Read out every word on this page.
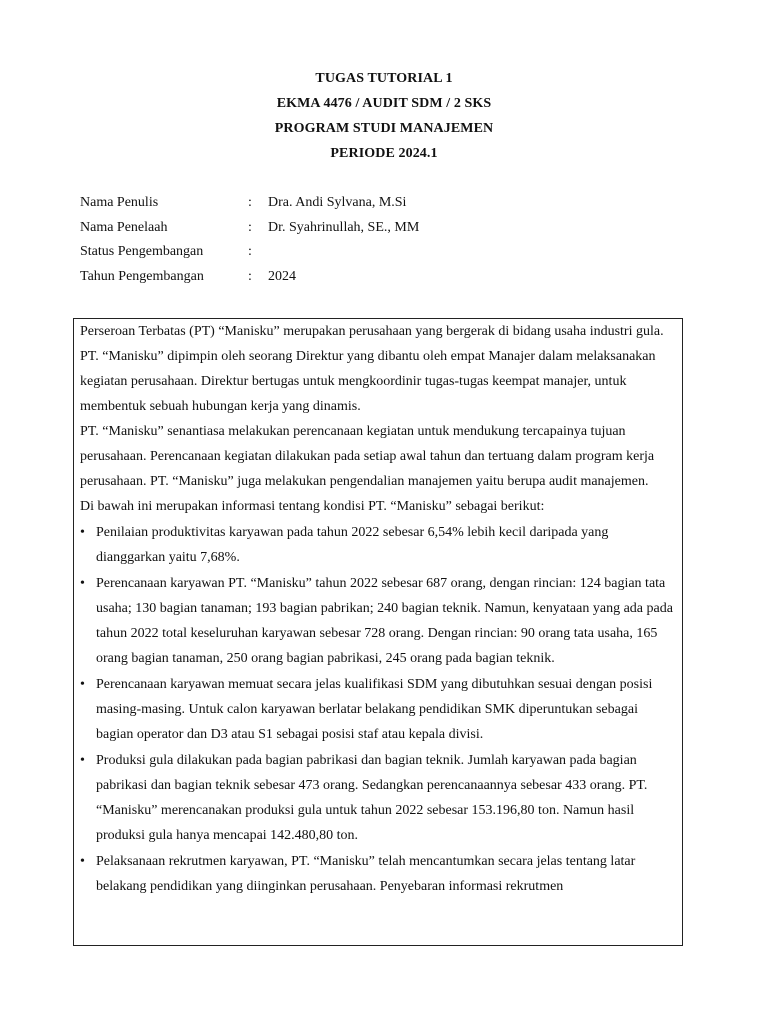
TUGAS TUTORIAL 1
EKMA 4476 / AUDIT SDM / 2 SKS
PROGRAM STUDI MANAJEMEN
PERIODE 2024.1
Nama Penulis	:	Dra. Andi Sylvana, M.Si
Nama Penelaah	:	Dr. Syahrinullah, SE., MM
Status Pengembangan	:
Tahun Pengembangan	:	2024

Perseroan Terbatas (PT) “Manisku” merupakan perusahaan yang bergerak di bidang usaha industri gula. PT. “Manisku” dipimpin oleh seorang Direktur yang dibantu oleh empat Manajer dalam melaksanakan kegiatan perusahaan. Direktur bertugas untuk mengkoordinir tugas-tugas keempat manajer, untuk membentuk sebuah hubungan kerja yang dinamis.

PT. “Manisku” senantiasa melakukan perencanaan kegiatan untuk mendukung tercapainya tujuan perusahaan. Perencanaan kegiatan dilakukan pada setiap awal tahun dan tertuang dalam program kerja perusahaan. PT. “Manisku” juga melakukan pengendalian manajemen yaitu berupa audit manajemen.

Di bawah ini merupakan informasi tentang kondisi PT. “Manisku” sebagai berikut:

• Penilaian produktivitas karyawan pada tahun 2022 sebesar 6,54% lebih kecil daripada yang dianggarkan yaitu 7,68%.
• Perencanaan karyawan PT. “Manisku” tahun 2022 sebesar 687 orang, dengan rincian: 124 bagian tata usaha; 130 bagian tanaman; 193 bagian pabrikan; 240 bagian teknik. Namun, kenyataan yang ada pada tahun 2022 total keseluruhan karyawan sebesar 728 orang. Dengan rincian: 90 orang tata usaha, 165 orang bagian tanaman, 250 orang bagian pabrikasi, 245 orang pada bagian teknik.
• Perencanaan karyawan memuat secara jelas kualifikasi SDM yang dibutuhkan sesuai dengan posisi masing-masing. Untuk calon karyawan berlatar belakang pendidikan SMK diperuntukan sebagai bagian operator dan D3 atau S1 sebagai posisi staf atau kepala divisi.
• Produksi gula dilakukan pada bagian pabrikasi dan bagian teknik. Jumlah karyawan pada bagian pabrikasi dan bagian teknik sebesar 473 orang. Sedangkan perencanaannya sebesar 433 orang. PT. “Manisku” merencanakan produksi gula untuk tahun 2022 sebesar 153.196,80 ton. Namun hasil produksi gula hanya mencapai 142.480,80 ton.
• Pelaksanaan rekrutmen karyawan, PT. “Manisku” telah mencantumkan secara jelas tentang latar belakang pendidikan yang diinginkan perusahaan. Penyebaran informasi rekrutmen
